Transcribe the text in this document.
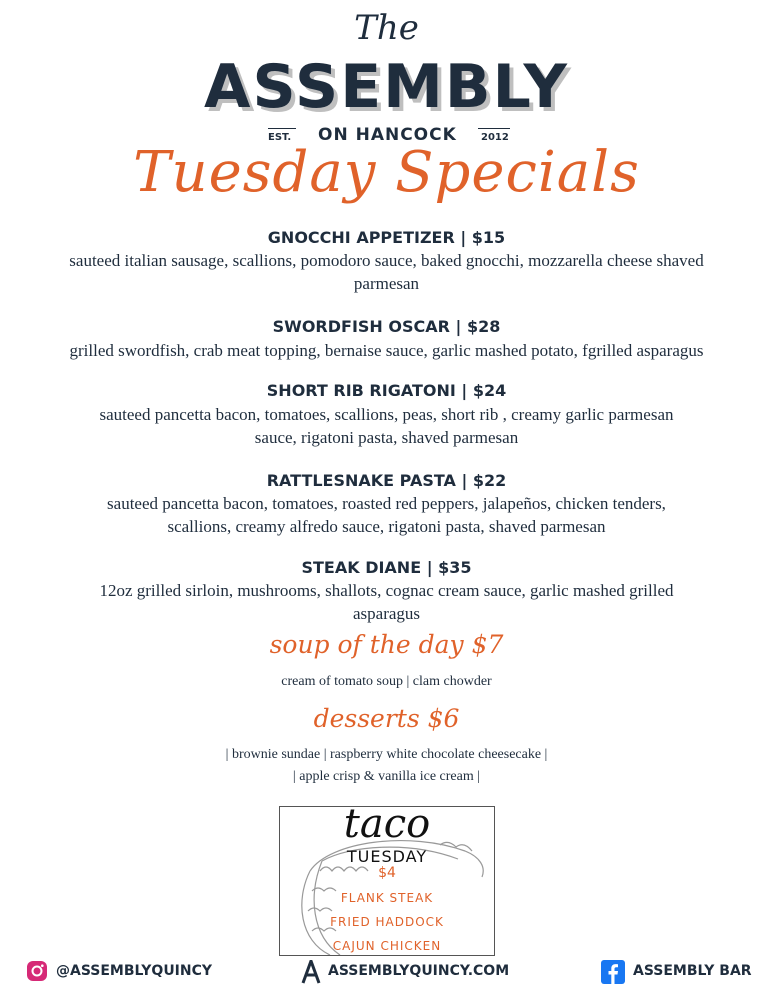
The
ASSEMBLY
EST. ON HANCOCK 2012
Tuesday Specials
GNOCCHI APPETIZER | $15
sauteed italian sausage, scallions, pomodoro sauce, baked gnocchi, mozzarella cheese shaved parmesan
SWORDFISH OSCAR | $28
grilled swordfish, crab meat topping, bernaise sauce, garlic mashed potato, fgrilled asparagus
SHORT RIB RIGATONI | $24
sauteed pancetta bacon, tomatoes, scallions, peas, short rib , creamy garlic parmesan sauce, rigatoni pasta, shaved parmesan
RATTLESNAKE PASTA | $22
sauteed pancetta bacon, tomatoes, roasted red peppers, jalapeños, chicken tenders, scallions, creamy alfredo sauce, rigatoni pasta, shaved parmesan
STEAK DIANE | $35
12oz grilled sirloin, mushrooms, shallots, cognac cream sauce, garlic mashed grilled asparagus
soup of the day $7
cream of tomato soup | clam chowder
desserts $6
| brownie sundae | raspberry white chocolate cheesecake |
| apple crisp & vanilla ice cream |
taco
TUESDAY
$4
FLANK STEAK
FRIED HADDOCK
CAJUN CHICKEN
@ASSEMBLYQUINCY	ASSEMBLYQUINCY.COM	ASSEMBLY BAR
